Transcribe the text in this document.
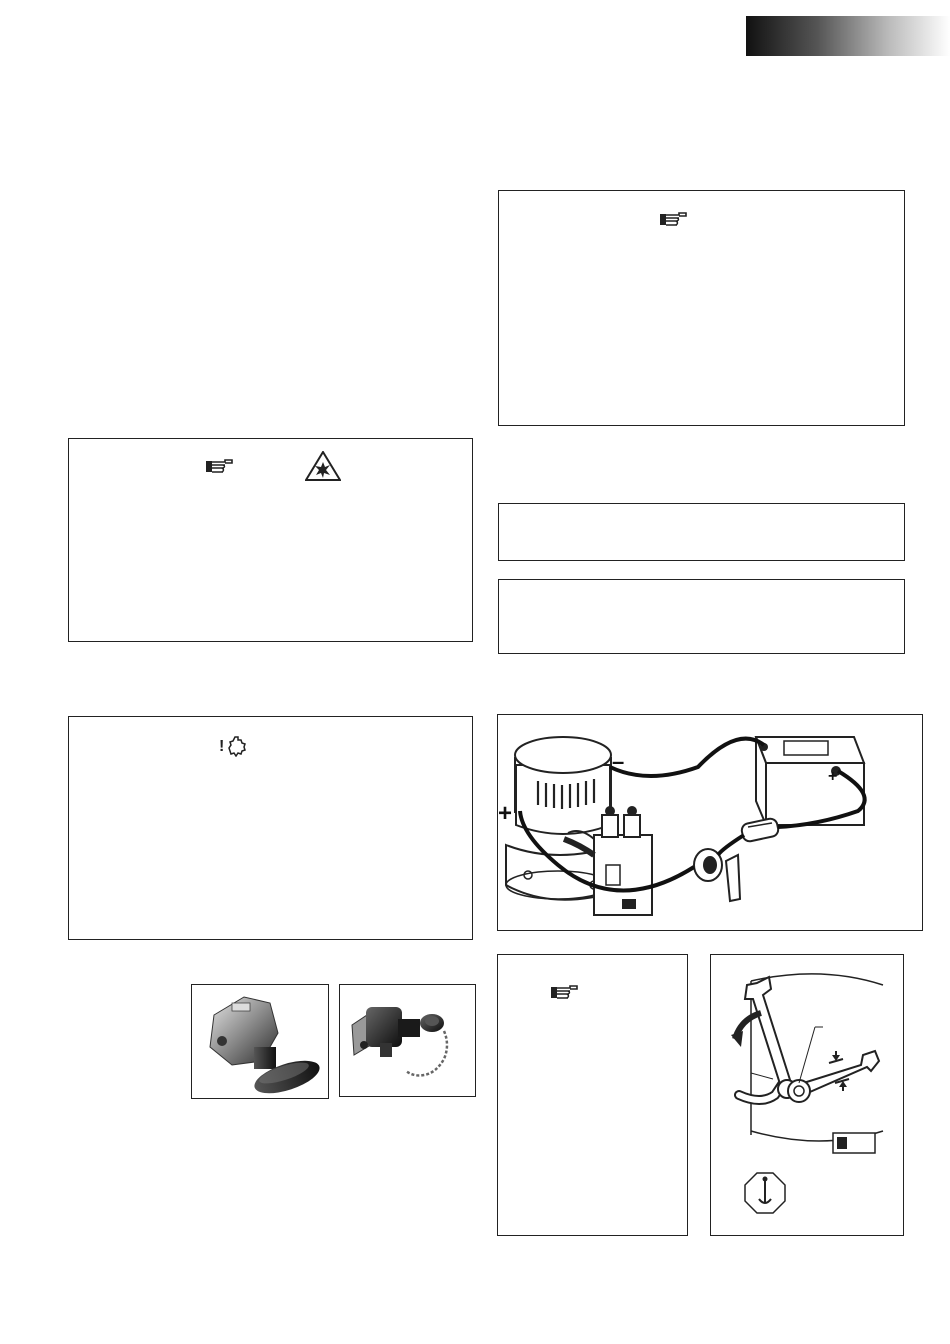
!
–
+
+
